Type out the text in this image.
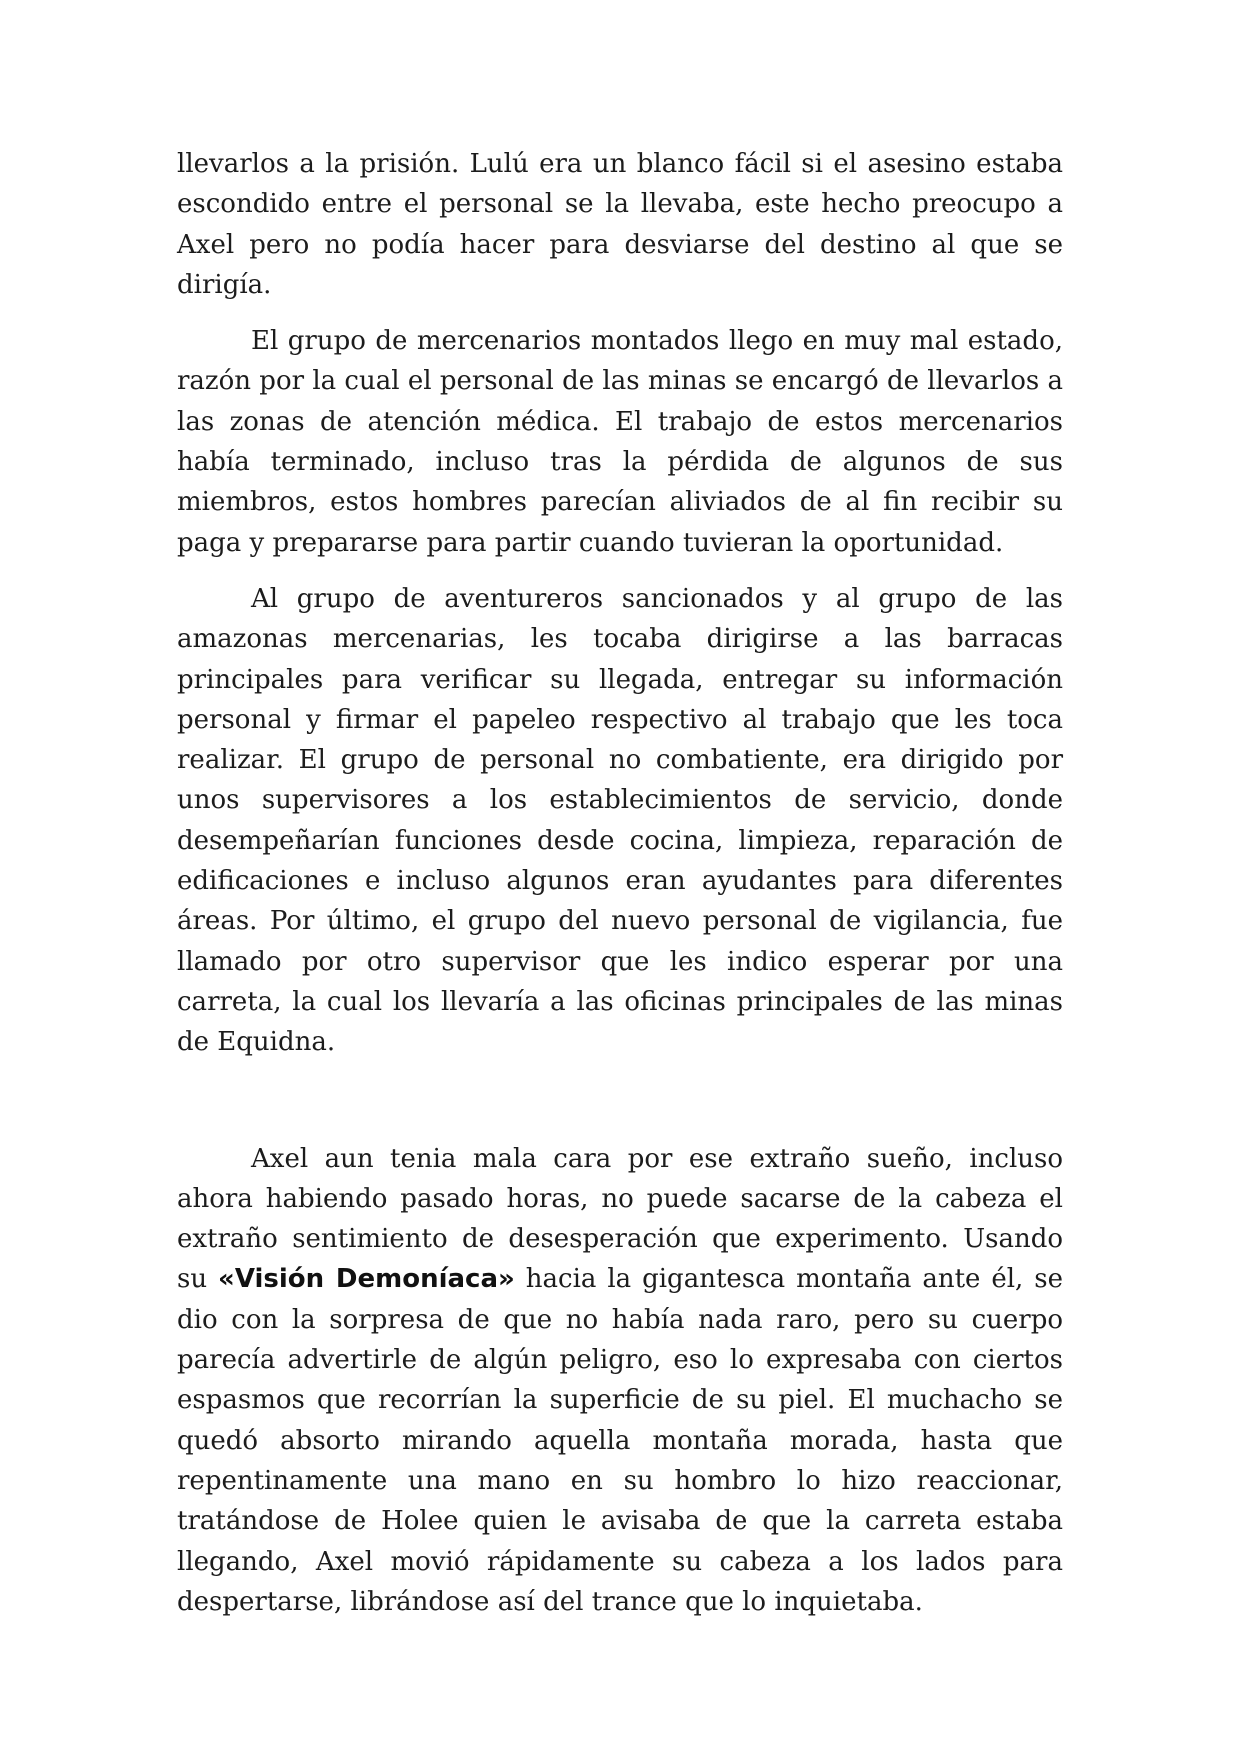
llevarlos a la prisión. Lulú era un blanco fácil si el asesino estaba escondido entre el personal se la llevaba, este hecho preocupo a Axel pero no podía hacer para desviarse del destino al que se dirigía.

El grupo de mercenarios montados llego en muy mal estado, razón por la cual el personal de las minas se encargó de llevarlos a las zonas de atención médica. El trabajo de estos mercenarios había terminado, incluso tras la pérdida de algunos de sus miembros, estos hombres parecían aliviados de al fin recibir su paga y prepararse para partir cuando tuvieran la oportunidad.

Al grupo de aventureros sancionados y al grupo de las amazonas mercenarias, les tocaba dirigirse a las barracas principales para verificar su llegada, entregar su información personal y firmar el papeleo respectivo al trabajo que les toca realizar. El grupo de personal no combatiente, era dirigido por unos supervisores a los establecimientos de servicio, donde desempeñarían funciones desde cocina, limpieza, reparación de edificaciones e incluso algunos eran ayudantes para diferentes áreas. Por último, el grupo del nuevo personal de vigilancia, fue llamado por otro supervisor que les indico esperar por una carreta, la cual los llevaría a las oficinas principales de las minas de Equidna.

Axel aun tenia mala cara por ese extraño sueño, incluso ahora habiendo pasado horas, no puede sacarse de la cabeza el extraño sentimiento de desesperación que experimento. Usando su «Visión Demoníaca» hacia la gigantesca montaña ante él, se dio con la sorpresa de que no había nada raro, pero su cuerpo parecía advertirle de algún peligro, eso lo expresaba con ciertos espasmos que recorrían la superficie de su piel. El muchacho se quedó absorto mirando aquella montaña morada, hasta que repentinamente una mano en su hombro lo hizo reaccionar, tratándose de Holee quien le avisaba de que la carreta estaba llegando, Axel movió rápidamente su cabeza a los lados para despertarse, librándose así del trance que lo inquietaba.
